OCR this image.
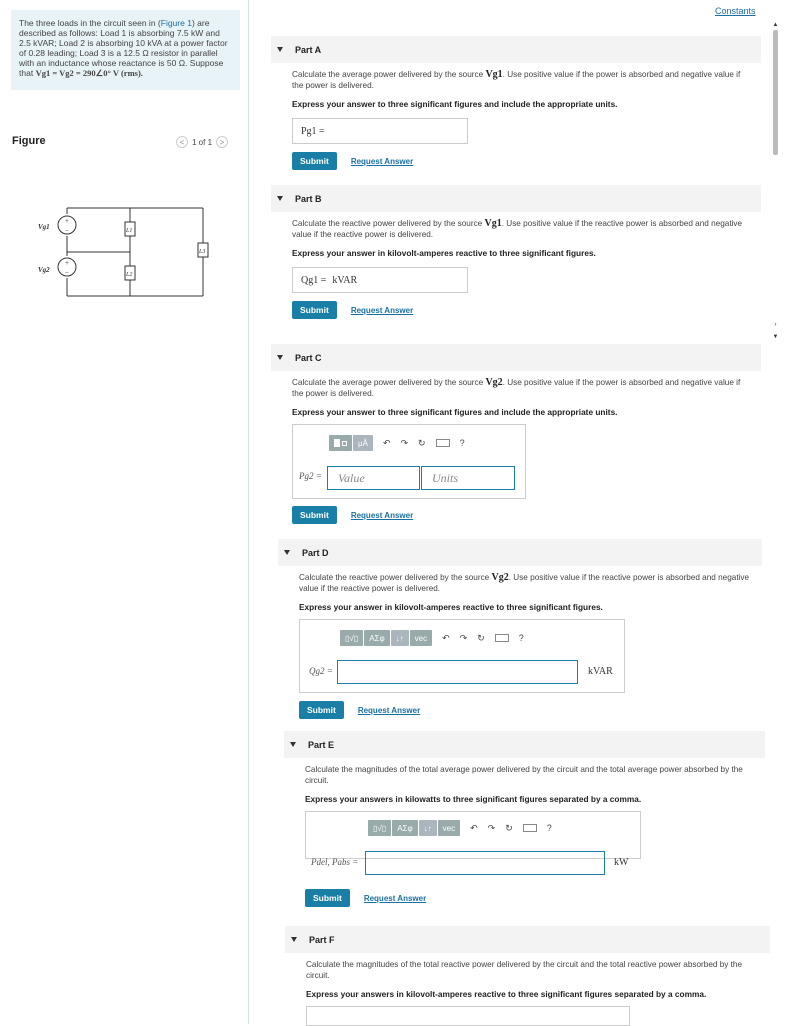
The three loads in the circuit seen in (Figure 1) are described as follows: Load 1 is absorbing 7.5 kW and 2.5 kVAR; Load 2 is absorbing 10 kVA at a power factor of 0.28 leading; Load 3 is a 12.5 Ω resistor in parallel with an inductance whose reactance is 50 Ω. Suppose that Vg1 = Vg2 = 290∠0° V (rms).
Figure	< 1 of 1 >
+
−
+
−
Vg1
Vg2
L1
L2
L3
Constants
▲
›
▼
Part A
Calculate the average power delivered by the source Vg1. Use positive value if the power is absorbed and negative value if the power is delivered.
Express your answer to three significant figures and include the appropriate units.
Pg1 =
Submit	Request Answer
Part B
Calculate the reactive power delivered by the source Vg1. Use positive value if the reactive power is absorbed and negative value if the reactive power is delivered.
Express your answer in kilovolt-amperes reactive to three significant figures.
Qg1 = kVAR
Submit	Request Answer
Part C
Calculate the average power delivered by the source Vg2. Use positive value if the power is absorbed and negative value if the power is delivered.
Express your answer to three significant figures and include the appropriate units.
μÅ	↶ ↷ ↻	?
Pg2 =	Value	Units
Submit	Request Answer
Part D
Calculate the reactive power delivered by the source Vg2. Use positive value if the reactive power is absorbed and negative value if the reactive power is delivered.
Express your answer in kilovolt-amperes reactive to three significant figures.
▯√▯	ΑΣφ	↓↑	vec	↶ ↷ ↻	?
Qg2 =	kVAR
Submit	Request Answer
Part E
Calculate the magnitudes of the total average power delivered by the circuit and the total average power absorbed by the circuit.
Express your answers in kilowatts to three significant figures separated by a comma.
▯√▯	ΑΣφ	↓↑	vec	↶ ↷ ↻	?
Pdel, Pabs =	kW
Submit	Request Answer
Part F
Calculate the magnitudes of the total reactive power delivered by the circuit and the total reactive power absorbed by the circuit.
Express your answers in kilovolt-amperes reactive to three significant figures separated by a comma.
